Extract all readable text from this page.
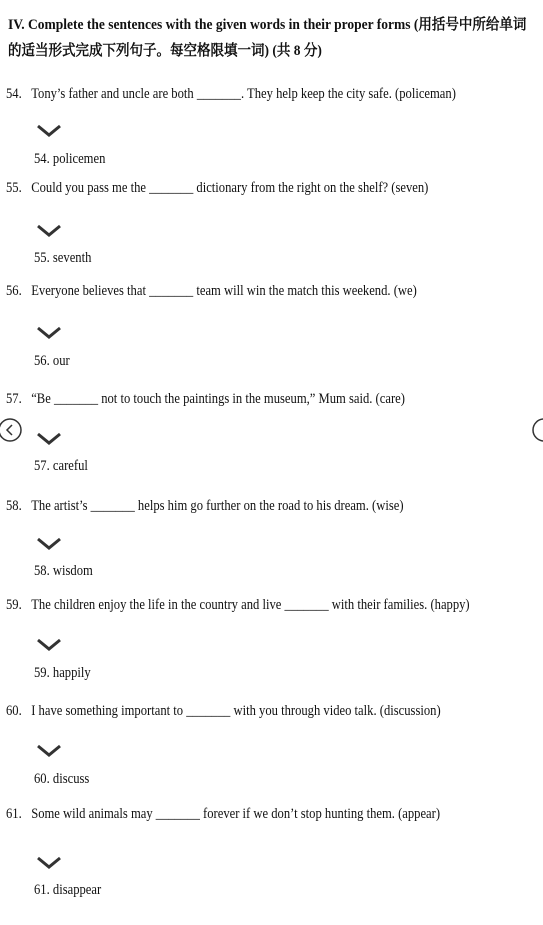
IV. Complete the sentences with the given words in their proper forms (用括号中所给单词
的适当形式完成下列句子。每空格限填一词) (共 8 分)
54. Tony’s father and uncle are both _______. They help keep the city safe. (policeman)
54. policemen
55. Could you pass me the _______ dictionary from the right on the shelf? (seven)
55. seventh
56. Everyone believes that _______ team will win the match this weekend. (we)
56. our
57. “Be _______ not to touch the paintings in the museum,” Mum said. (care)
57. careful
58. The artist’s _______ helps him go further on the road to his dream. (wise)
58. wisdom
59. The children enjoy the life in the country and live _______ with their families. (happy)
59. happily
60. I have something important to _______ with you through video talk. (discussion)
60. discuss
61. Some wild animals may _______ forever if we don’t stop hunting them. (appear)
61. disappear
